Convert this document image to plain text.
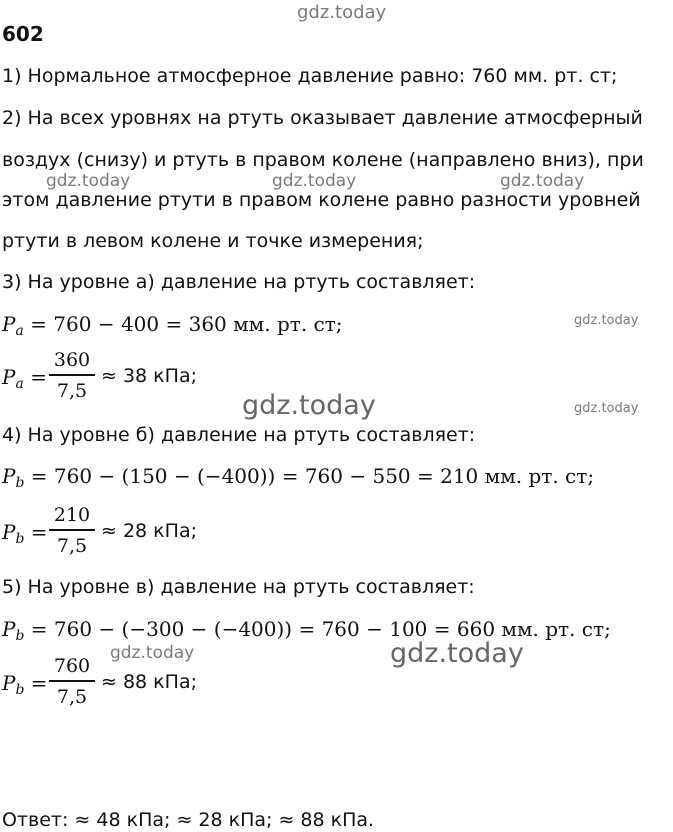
gdz.today
gdz.today	gdz.today	gdz.today
gdz.today
gdz.today	gdz.today
gdz.today	gdz.today
602
1) Нормальное атмосферное давление равно: 760 мм. рт. ст;
2) На всех уровнях на ртуть оказывает давление атмосферный
воздух (снизу) и ртуть в правом колене (направлено вниз), при
этом давление ртути в правом колене равно разности уровней
ртути в левом колене и точке измерения;
3) На уровне а) давление на ртуть составляет:
$P_a = 760 - 400 = 360$ мм. рт. ст;
$P_a$ =
360
7,5
≈ 38 кПа;
4) На уровне б) давление на ртуть составляет:
$P_b = 760 - (150 - (-400)) = 760 - 550 = 210$ мм. рт. ст;
$P_b$ =
210
7,5
≈ 28 кПа;
5) На уровне в) давление на ртуть составляет:
$P_b = 760 - (-300 - (-400)) = 760 - 100 = 660$ мм. рт. ст;
$P_b$ =
760
7,5
≈ 88 кПа;
Ответ: ≈ 48 кПа; ≈ 28 кПа; ≈ 88 кПа.
